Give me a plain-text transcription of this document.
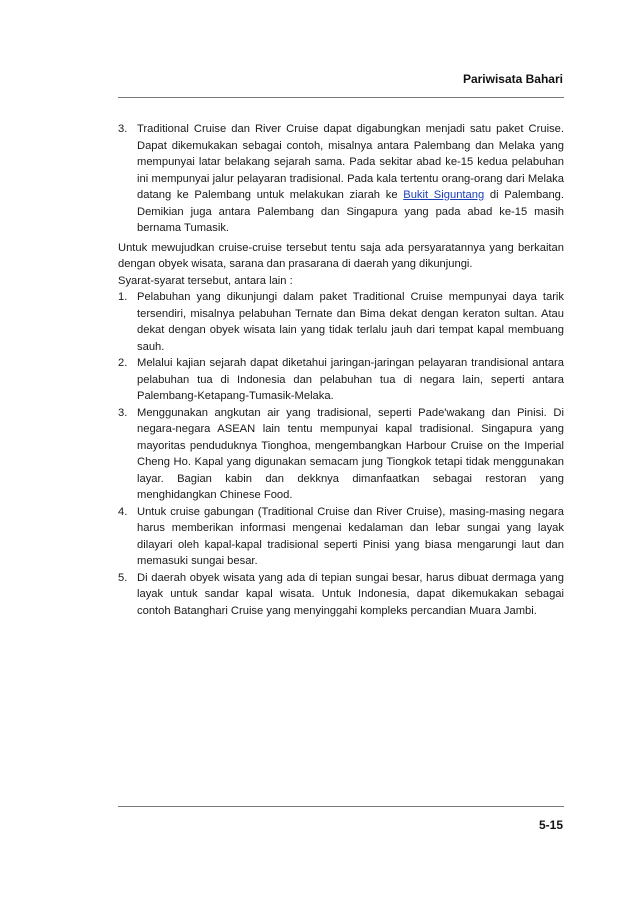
Pariwisata Bahari
3. Traditional Cruise dan River Cruise dapat digabungkan menjadi satu paket Cruise. Dapat dikemukakan sebagai contoh, misalnya antara Palembang dan Melaka yang mempunyai latar belakang sejarah sama. Pada sekitar abad ke-15 kedua pelabuhan ini mempunyai jalur pelayaran tradisional. Pada kala tertentu orang-orang dari Melaka datang ke Palembang untuk melakukan ziarah ke Bukit Siguntang di Palembang. Demikian juga antara Palembang dan Singapura yang pada abad ke-15 masih bernama Tumasik.

Untuk mewujudkan cruise-cruise tersebut tentu saja ada persyaratannya yang berkaitan dengan obyek wisata, sarana dan prasarana di daerah yang dikunjungi.

Syarat-syarat tersebut, antara lain :

1. Pelabuhan yang dikunjungi dalam paket Traditional Cruise mempunyai daya tarik tersendiri, misalnya pelabuhan Ternate dan Bima dekat dengan keraton sultan. Atau dekat dengan obyek wisata lain yang tidak terlalu jauh dari tempat kapal membuang sauh.
2. Melalui kajian sejarah dapat diketahui jaringan-jaringan pelayaran trandisional antara pelabuhan tua di Indonesia dan pelabuhan tua di negara lain, seperti antara Palembang-Ketapang-Tumasik-Melaka.
3. Menggunakan angkutan air yang tradisional, seperti Pade'wakang dan Pinisi. Di negara-negara ASEAN lain tentu mempunyai kapal tradisional. Singapura yang mayoritas penduduknya Tionghoa, mengembangkan Harbour Cruise on the Imperial Cheng Ho. Kapal yang digunakan semacam jung Tiongkok tetapi tidak menggunakan layar. Bagian kabin dan dekknya dimanfaatkan sebagai restoran yang menghidangkan Chinese Food.
4. Untuk cruise gabungan (Traditional Cruise dan River Cruise), masing-masing negara harus memberikan informasi mengenai kedalaman dan lebar sungai yang layak dilayari oleh kapal-kapal tradisional seperti Pinisi yang biasa mengarungi laut dan memasuki sungai besar.
5. Di daerah obyek wisata yang ada di tepian sungai besar, harus dibuat dermaga yang layak untuk sandar kapal wisata. Untuk Indonesia, dapat dikemukakan sebagai contoh Batanghari Cruise yang menyinggahi kompleks percandian Muara Jambi.
5-15
